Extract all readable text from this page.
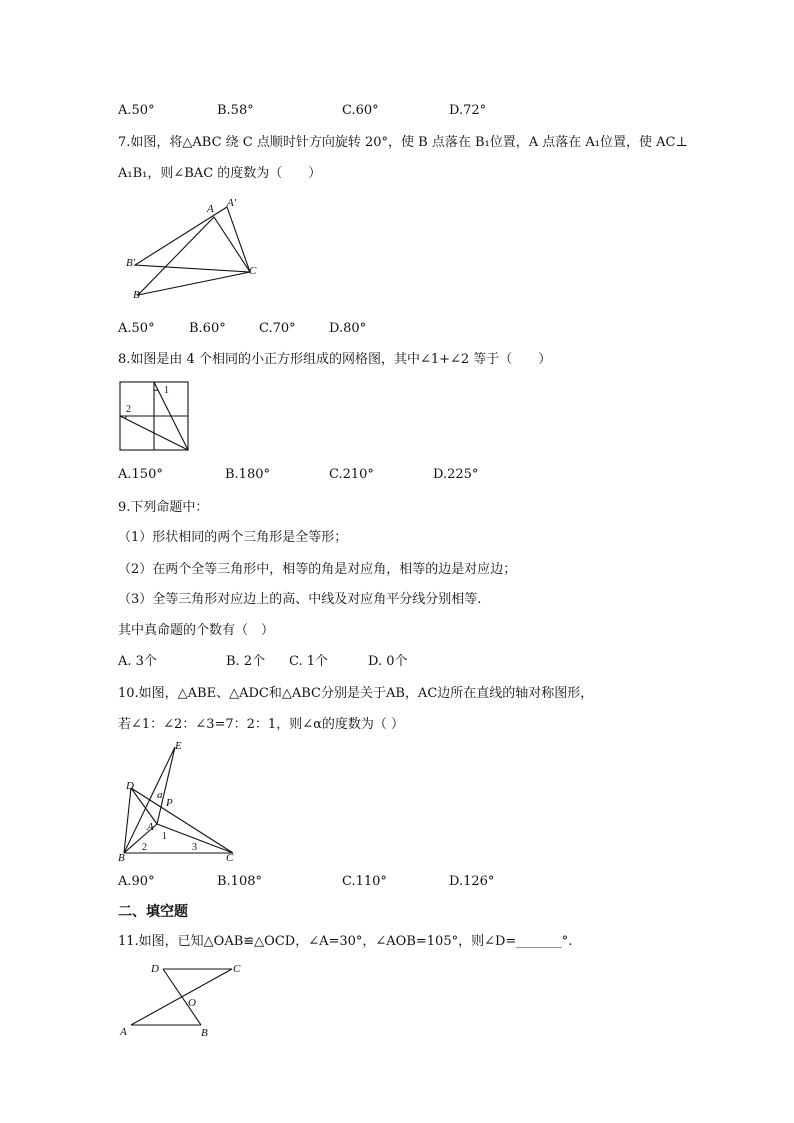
A.50°	B.58°	C.60°	D.72°
7.如图，将△ABC 绕 C 点顺时针方向旋转 20°，使 B 点落在 B₁位置，A 点落在 A₁位置，使 AC⊥
A₁B₁，则∠BAC 的度数为（　　）
A A'
B'
C
B
A.50°	B.60°	C.70°	D.80°
8.如图是由 4 个相同的小正方形组成的网格图，其中∠1+∠2 等于（　　）
1
2
A.150°	B.180°	C.210°	D.225°
9.下列命题中：
（1）形状相同的两个三角形是全等形；
（2）在两个全等三角形中，相等的角是对应角，相等的边是对应边；
（3）全等三角形对应边上的高、中线及对应角平分线分别相等.
其中真命题的个数有（　）
A. 3个	B. 2个 C. 1个	D. 0个
10.如图，△ABE、△ADC和△ABC分别是关于AB，AC边所在直线的轴对称图形，
若∠1：∠2：∠3=7：2：1，则∠α的度数为（ ）
E
D
a
P
A
1
B
2	3
C
A.90°	B.108°	C.110°	D.126°
二、填空题
11.如图，已知△OAB≌△OCD，∠A=30°，∠AOB=105°，则∠D=_______°.
D	C
O
A	B
